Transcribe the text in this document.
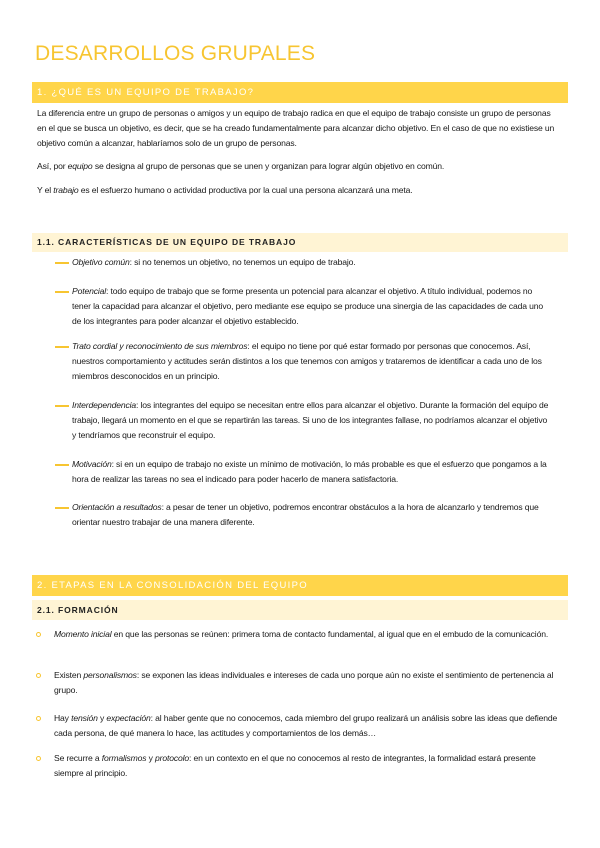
DESARROLLOS GRUPALES
1. ¿QUÉ ES UN EQUIPO DE TRABAJO?
La diferencia entre un grupo de personas o amigos y un equipo de trabajo radica en que el equipo de trabajo consiste un grupo de personas en el que se busca un objetivo, es decir, que se ha creado fundamentalmente para alcanzar dicho objetivo. En el caso de que no existiese un objetivo común a alcanzar, hablaríamos solo de un grupo de personas.
Así, por equipo se designa al grupo de personas que se unen y organizan para lograr algún objetivo en común.
Y el trabajo es el esfuerzo humano o actividad productiva por la cual una persona alcanzará una meta.
1.1. CARACTERÍSTICAS DE UN EQUIPO DE TRABAJO
Objetivo común: si no tenemos un objetivo, no tenemos un equipo de trabajo.
Potencial: todo equipo de trabajo que se forme presenta un potencial para alcanzar el objetivo. A título individual, podemos no tener la capacidad para alcanzar el objetivo, pero mediante ese equipo se produce una sinergia de las capacidades de cada uno de los integrantes para poder alcanzar el objetivo establecido.
Trato cordial y reconocimiento de sus miembros: el equipo no tiene por qué estar formado por personas que conocemos. Así, nuestros comportamiento y actitudes serán distintos a los que tenemos con amigos y trataremos de identificar a cada uno de los miembros desconocidos en un principio.
Interdependencia: los integrantes del equipo se necesitan entre ellos para alcanzar el objetivo. Durante la formación del equipo de trabajo, llegará un momento en el que se repartirán las tareas. Si uno de los integrantes fallase, no podríamos alcanzar el objetivo y tendríamos que reconstruir el equipo.
Motivación: si en un equipo de trabajo no existe un mínimo de motivación, lo más probable es que el esfuerzo que pongamos a la hora de realizar las tareas no sea el indicado para poder hacerlo de manera satisfactoria.
Orientación a resultados: a pesar de tener un objetivo, podremos encontrar obstáculos a la hora de alcanzarlo y tendremos que orientar nuestro trabajar de una manera diferente.
2. ETAPAS EN LA CONSOLIDACIÓN DEL EQUIPO
2.1. FORMACIÓN
Momento inicial en que las personas se reúnen: primera toma de contacto fundamental, al igual que en el embudo de la comunicación.
Existen personalismos: se exponen las ideas individuales e intereses de cada uno porque aún no existe el sentimiento de pertenencia al grupo.
Hay tensión y expectación: al haber gente que no conocemos, cada miembro del grupo realizará un análisis sobre las ideas que defiende cada persona, de qué manera lo hace, las actitudes y comportamientos de los demás…
Se recurre a formalismos y protocolo: en un contexto en el que no conocemos al resto de integrantes, la formalidad estará presente siempre al principio.
